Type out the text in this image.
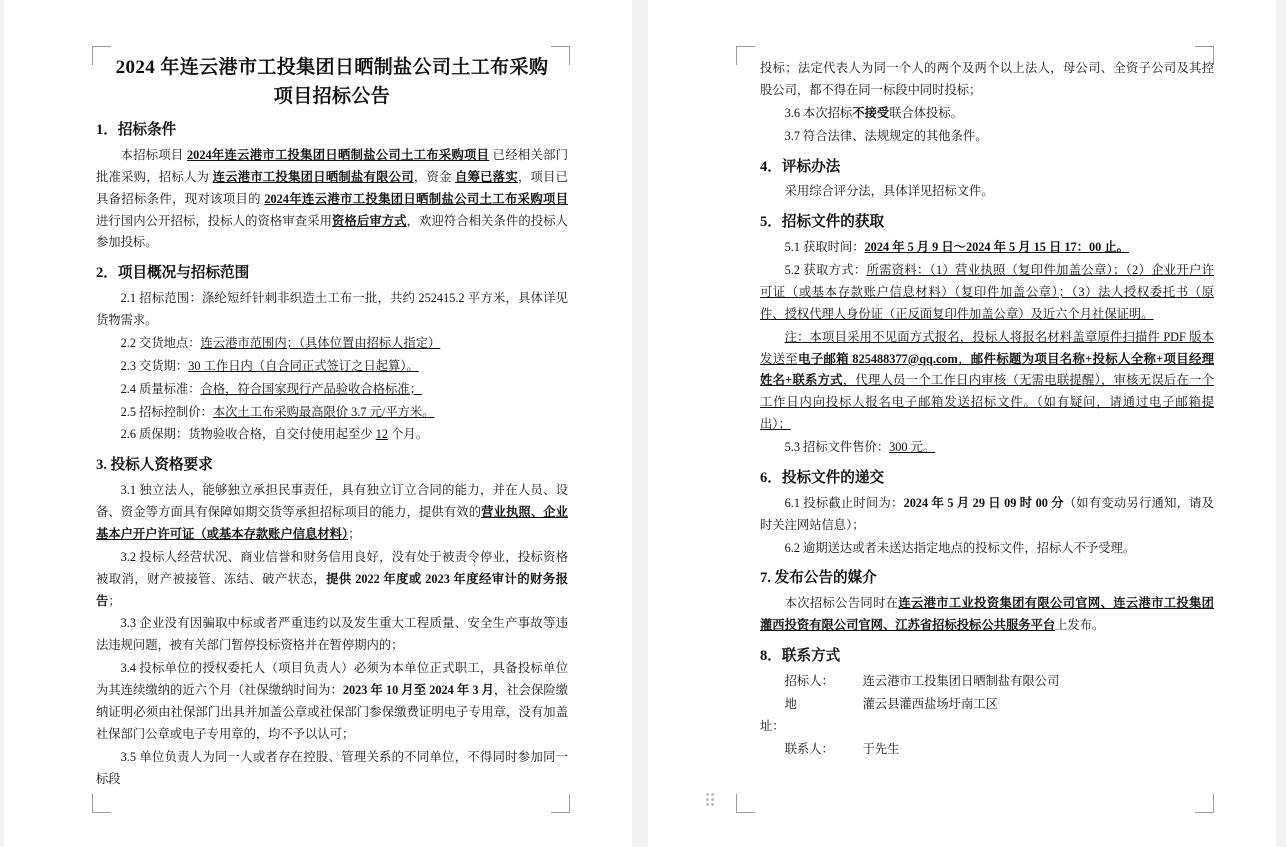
2024 年连云港市工投集团日晒制盐公司土工布采购
项目招标公告
1．招标条件

本招标项目 2024年连云港市工投集团日晒制盐公司土工布采购项目 已经相关部门批准采购，招标人为 连云港市工投集团日晒制盐有限公司，资金 自筹已落实，项目已具备招标条件，现对该项目的 2024年连云港市工投集团日晒制盐公司土工布采购项目 进行国内公开招标，投标人的资格审查采用资格后审方式，欢迎符合相关条件的投标人参加投标。

2．项目概况与招标范围

2.1 招标范围：涤纶短纤针刺非织造土工布一批，共约 252415.2 平方米，具体详见货物需求。

2.2 交货地点：连云港市范围内；（具体位置由招标人指定）

2.3 交货期：30 工作日内（自合同正式签订之日起算）。

2.4 质量标准：合格，符合国家现行产品验收合格标准；

2.5 招标控制价：本次土工布采购最高限价 3.7 元/平方米。

2.6 质保期：货物验收合格，自交付使用起至少 12 个月。

3. 投标人资格要求

3.1 独立法人，能够独立承担民事责任，具有独立订立合同的能力，并在人员、设备、资金等方面具有保障如期交货等承担招标项目的能力，提供有效的营业执照、企业基本户开户许可证（或基本存款账户信息材料）；

3.2 投标人经营状况、商业信誉和财务信用良好，没有处于被责令停业，投标资格被取消，财产被接管、冻结、破产状态，提供 2022 年度或 2023 年度经审计的财务报告；

3.3 企业没有因骗取中标或者严重违约以及发生重大工程质量、安全生产事故等违法违规问题，被有关部门暂停投标资格并在暂停期内的；

3.4 投标单位的授权委托人（项目负责人）必须为本单位正式职工，具备投标单位为其连续缴纳的近六个月（社保缴纳时间为：2023 年 10 月至 2024 年 3 月，社会保险缴纳证明必须由社保部门出具并加盖公章或社保部门参保缴费证明电子专用章，没有加盖社保部门公章或电子专用章的，均不予以认可；

3.5 单位负责人为同一人或者存在控股、管理关系的不同单位，不得同时参加同一标段

投标；法定代表人为同一个人的两个及两个以上法人，母公司、全资子公司及其控股公司，都不得在同一标段中同时投标；

3.6 本次招标不接受联合体投标。

3.7 符合法律、法规规定的其他条件。

4．评标办法

采用综合评分法，具体详见招标文件。

5．招标文件的获取

5.1 获取时间：2024 年 5 月 9 日～2024 年 5 月 15 日 17：00 止。

5.2 获取方式：所需资料：（1）营业执照（复印件加盖公章）；（2）企业开户许可证（或基本存款账户信息材料）（复印件加盖公章）；（3）法人授权委托书（原件、授权代理人身份证（正反面复印件加盖公章）及近六个月社保证明。

注：本项目采用不见面方式报名，投标人将报名材料盖章原件扫描件 PDF 版本发送至电子邮箱 825488377@qq.com，邮件标题为项目名称+投标人全称+项目经理姓名+联系方式，代理人员一个工作日内审核（无需电联提醒），审核无误后在一个工作日内向投标人报名电子邮箱发送招标文件。（如有疑问，请通过电子邮箱提出）；

5.3 招标文件售价：300 元。

6．投标文件的递交

6.1 投标截止时间为：2024 年 5 月 29 日 09 时 00 分（如有变动另行通知，请及时关注网站信息）；

6.2 逾期送达或者未送达指定地点的投标文件，招标人不予受理。

7. 发布公告的媒介

本次招标公告同时在连云港市工业投资集团有限公司官网、连云港市工投集团灌西投资有限公司官网、江苏省招标投标公共服务平台上发布。

8．联系方式

招标人：	连云港市工投集团日晒制盐有限公司

地　　址：
灌云县灌西盐场圩南工区

联系人：	于先生
